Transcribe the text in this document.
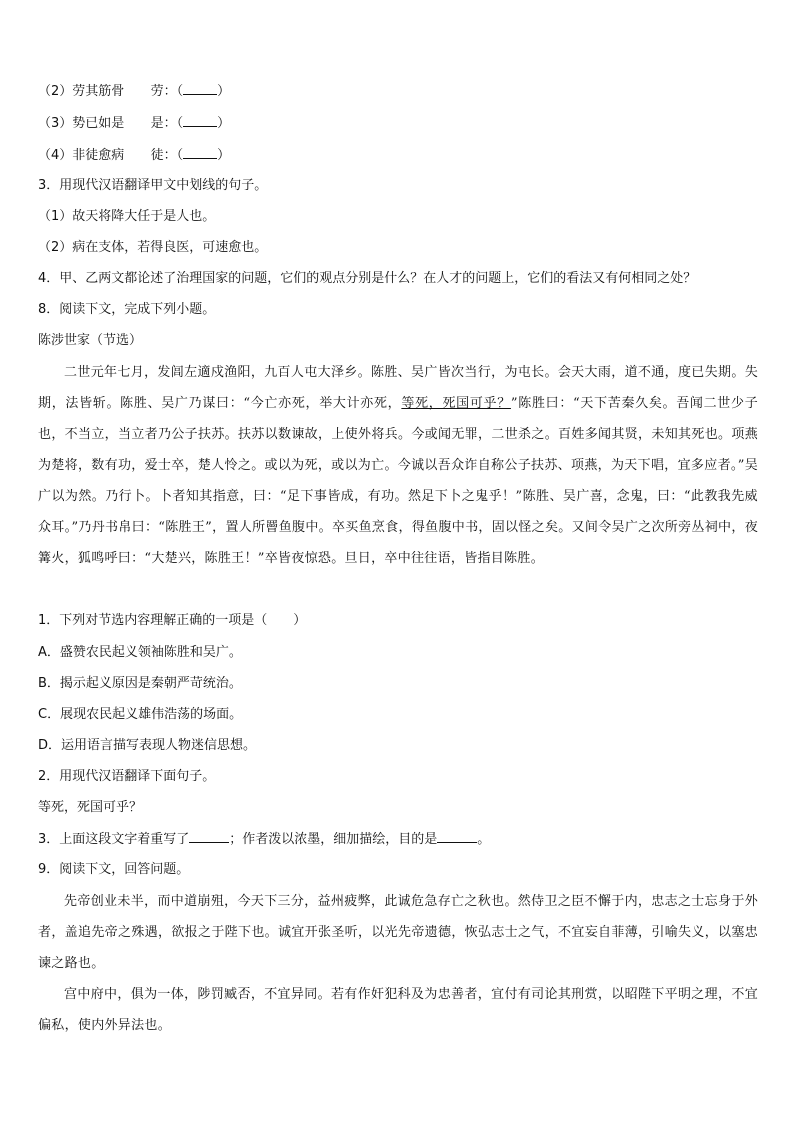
（2）劳其筋骨 劳：（	）
（3）势已如是 是：（	）
（4）非徒愈病 徒：（	）
3．用现代汉语翻译甲文中划线的句子。
（1）故天将降大任于是人也。
（2）病在支体，若得良医，可速愈也。
4．甲、乙两文都论述了治理国家的问题，它们的观点分别是什么？在人才的问题上，它们的看法又有何相同之处？
8．阅读下文，完成下列小题。
陈涉世家（节选）

二世元年七月，发闾左適戍渔阳，九百人屯大泽乡。陈胜、吴广皆次当行，为屯长。会天大雨，道不通，度已失期。失期，法皆斩。陈胜、吴广乃谋曰：“今亡亦死，举大计亦死，等死，死国可乎？”陈胜曰：“天下苦秦久矣。吾闻二世少子也，不当立，当立者乃公子扶苏。扶苏以数谏故，上使外将兵。今或闻无罪，二世杀之。百姓多闻其贤，未知其死也。项燕为楚将，数有功，爱士卒，楚人怜之。或以为死，或以为亡。今诚以吾众诈自称公子扶苏、项燕，为天下唱，宜多应者。”吴广以为然。乃行卜。卜者知其指意，曰：“足下事皆成，有功。然足下卜之鬼乎！”陈胜、吴广喜，念鬼，曰：“此教我先威众耳。”乃丹书帛曰：“陈胜王”，置人所罾鱼腹中。卒买鱼烹食，得鱼腹中书，固以怪之矣。又间令吴广之次所旁丛祠中，夜篝火，狐鸣呼曰：“大楚兴，陈胜王！”卒皆夜惊恐。旦日，卒中往往语，皆指目陈胜。

1．下列对节选内容理解正确的一项是（　　）
A．盛赞农民起义领袖陈胜和吴广。
B．揭示起义原因是秦朝严苛统治。
C．展现农民起义雄伟浩荡的场面。
D．运用语言描写表现人物迷信思想。
2．用现代汉语翻译下面句子。
等死，死国可乎？
3．上面这段文字着重写了	；作者泼以浓墨，细加描绘，目的是	。
9．阅读下文，回答问题。

先帝创业未半，而中道崩殂，今天下三分，益州疲弊，此诚危急存亡之秋也。然侍卫之臣不懈于内，忠志之士忘身于外者，盖追先帝之殊遇，欲报之于陛下也。诚宜开张圣听，以光先帝遗德，恢弘志士之气，不宜妄自菲薄，引喻失义，以塞忠谏之路也。

宫中府中，俱为一体，陟罚臧否，不宜异同。若有作奸犯科及为忠善者，宜付有司论其刑赏，以昭陛下平明之理，不宜偏私，使内外异法也。
